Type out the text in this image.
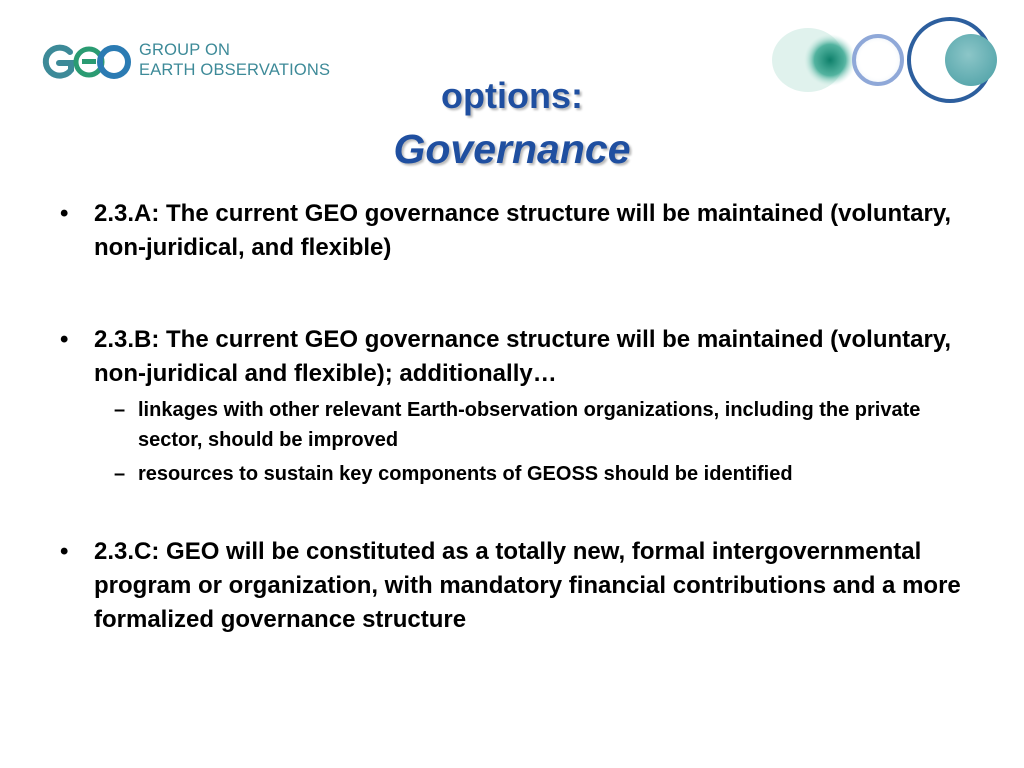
GROUP ON
EARTH OBSERVATIONS
options:
Governance
• 2.3.A: The current GEO governance structure will be maintained (voluntary, non-juridical, and flexible)
• 2.3.B: The current GEO governance structure will be maintained (voluntary, non-juridical and flexible); additionally…
– linkages with other relevant Earth-observation organizations, including the private sector, should be improved
– resources to sustain key components of GEOSS should be identified
• 2.3.C: GEO will be constituted as a totally new, formal intergovernmental program or organization, with mandatory financial contributions and a more formalized governance structure
